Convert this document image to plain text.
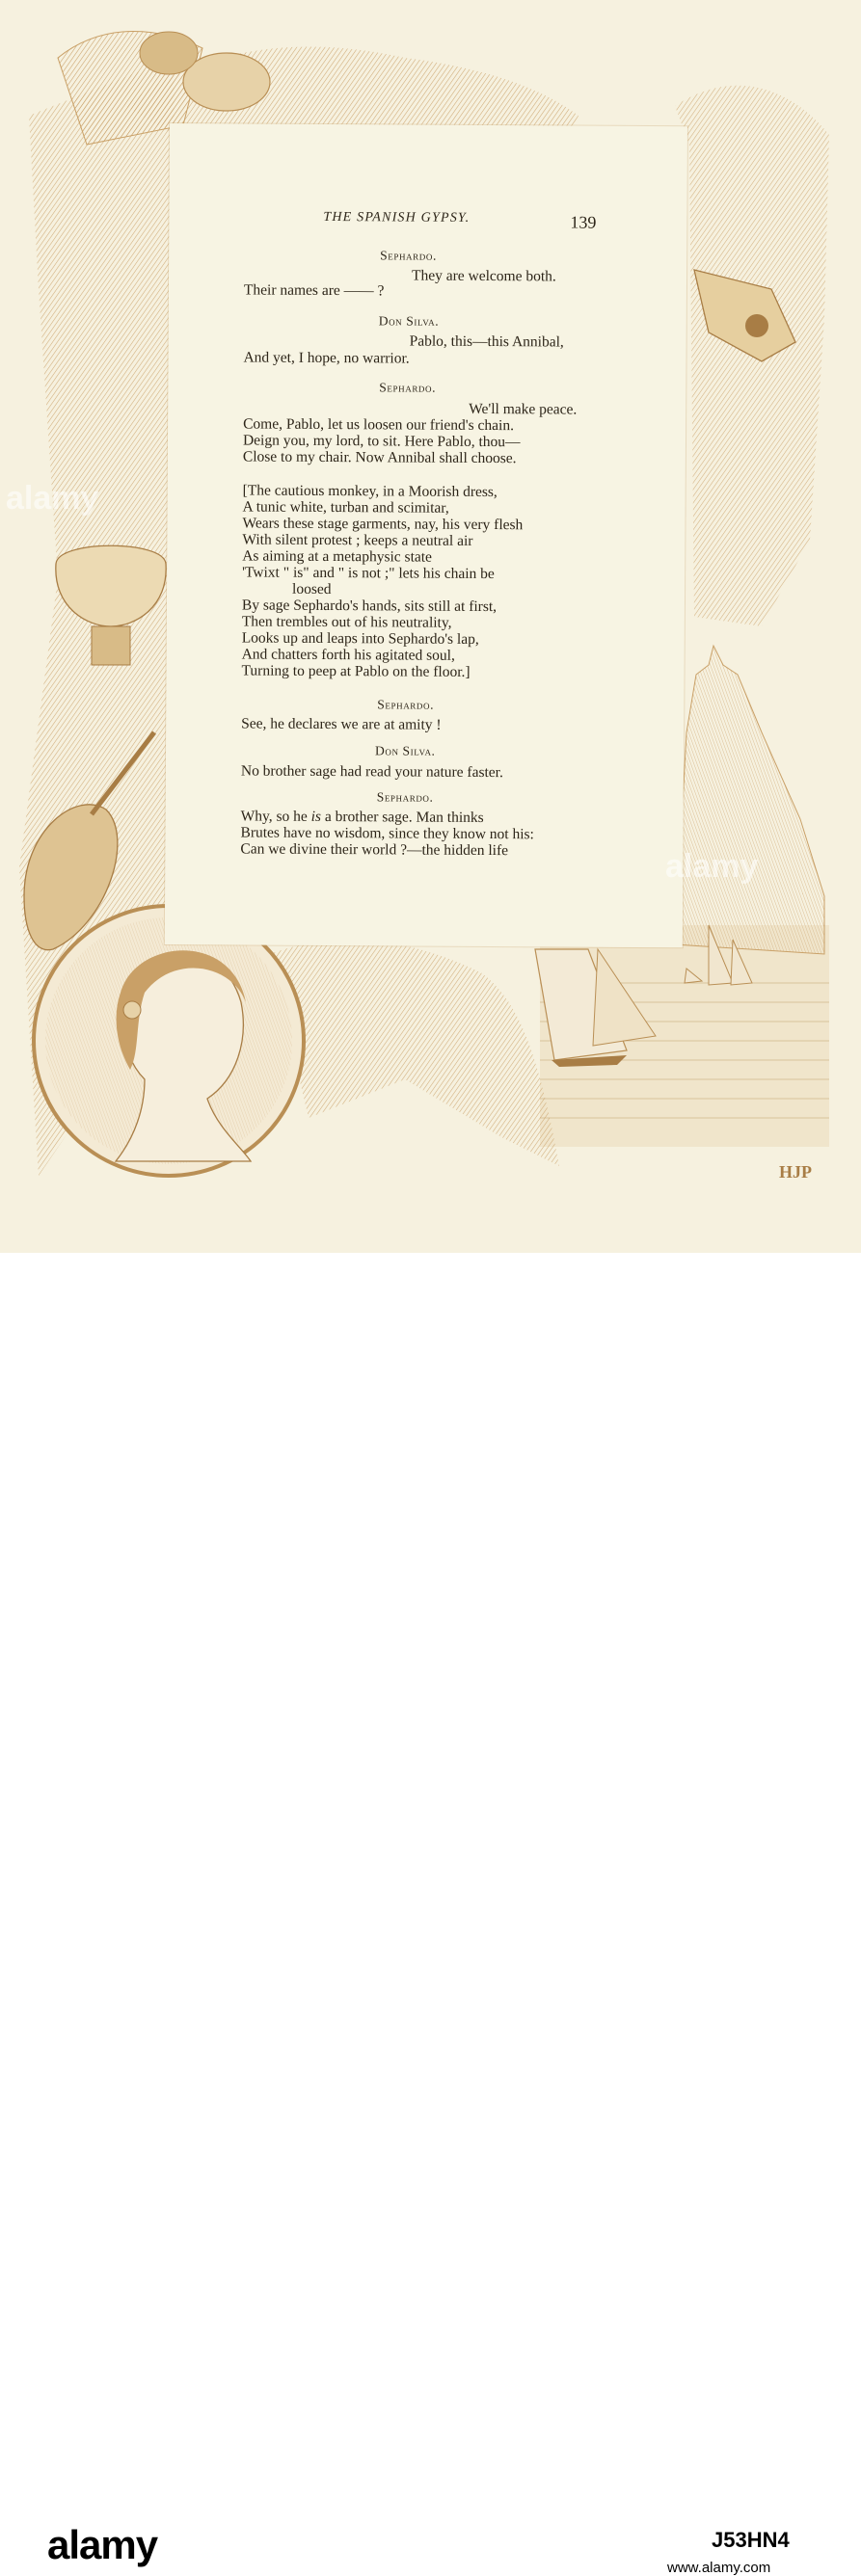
HJP
THE SPANISH GYPSY.	139
Sephardo.
They are welcome both.
Their names are —— ?
Don Silva.
Pablo, this—this Annibal,
And yet, I hope, no warrior.
Sephardo.
We'll make peace.
Come, Pablo, let us loosen our friend's chain.
Deign you, my lord, to sit. Here Pablo, thou—
Close to my chair. Now Annibal shall choose.
[The cautious monkey, in a Moorish dress,
A tunic white, turban and scimitar,
Wears these stage garments, nay, his very flesh
With silent protest ; keeps a neutral air
As aiming at a metaphysic state
'Twixt " is" and " is not ;" lets his chain be
loosed
By sage Sephardo's hands, sits still at first,
Then trembles out of his neutrality,
Looks up and leaps into Sephardo's lap,
And chatters forth his agitated soul,
Turning to peep at Pablo on the floor.]
Sephardo.
See, he declares we are at amity !
Don Silva.
No brother sage had read your nature faster.
Sephardo.
Why, so he is a brother sage. Man thinks
Brutes have no wisdom, since they know not his:
Can we divine their world ?—the hidden life
alamy
alamy
alamy	J53HN4
www.alamy.com
